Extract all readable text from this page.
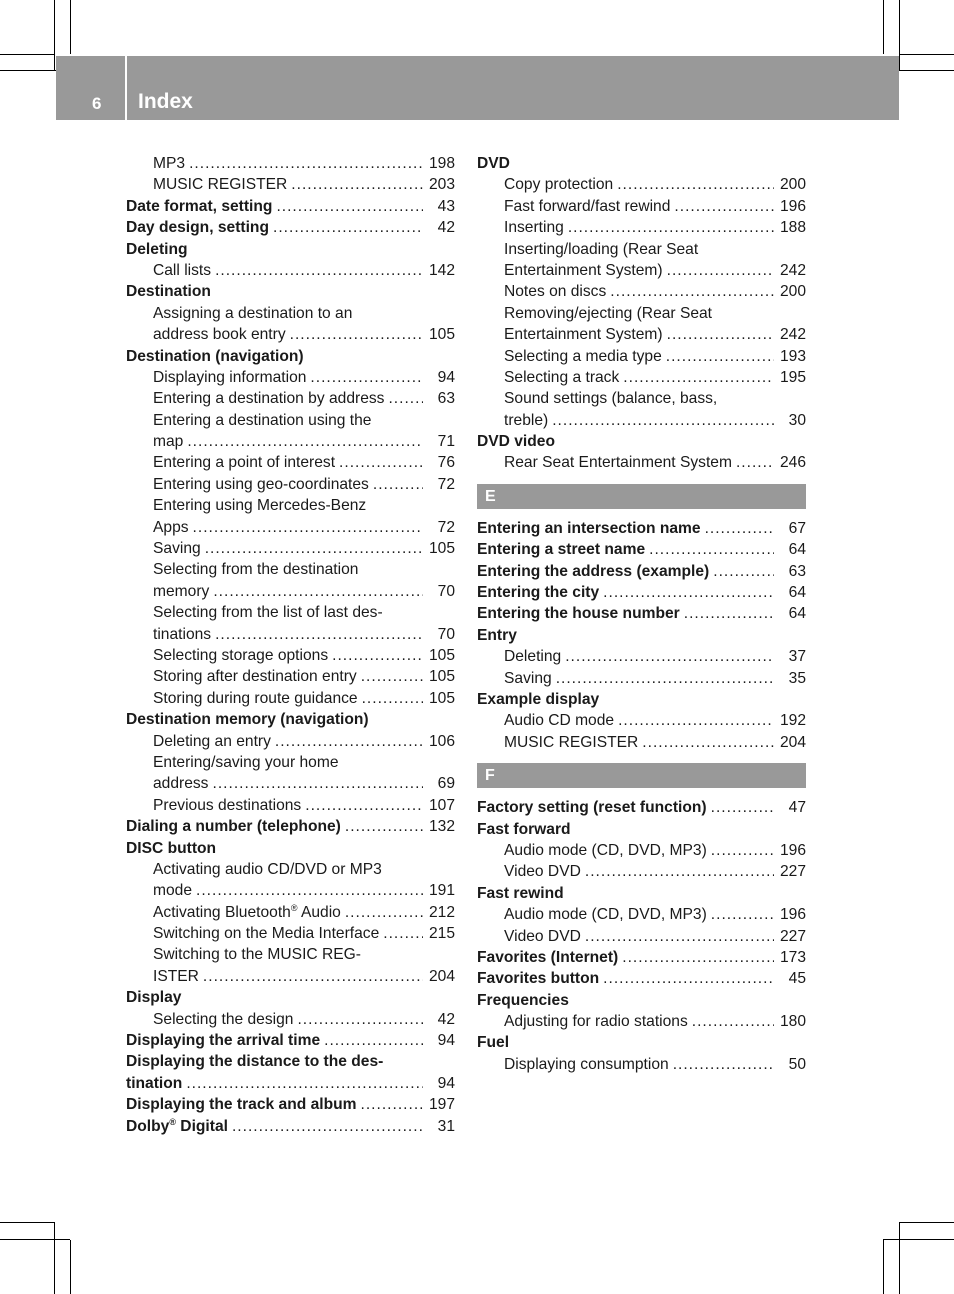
6 Index
MP3 .....	198
MUSIC REGISTER .....	203
Date format, setting .....	43
Day design, setting .....	42
Deleting
Call lists .....	142
Destination
Assigning a destination to an
address book entry .....	105
Destination (navigation)
Displaying information .....	94
Entering a destination by address .....	63
Entering a destination using the
map .....	71
Entering a point of interest .....	76
Entering using geo-coordinates .....	72
Entering using Mercedes-Benz
Apps .....	72
Saving .....	105
Selecting from the destination
memory .....	70
Selecting from the list of last des-
tinations .....	70
Selecting storage options .....	105
Storing after destination entry .....	105
Storing during route guidance .....	105
Destination memory (navigation)
Deleting an entry .....	106
Entering/saving your home
address .....	69
Previous destinations .....	107
Dialing a number (telephone) .....	132
DISC button
Activating audio CD/DVD or MP3
mode .....	191
Activating Bluetooth® Audio .....	212
Switching on the Media Interface .....	215
Switching to the MUSIC REG-
ISTER .....	204
Display
Selecting the design .....	42
Displaying the arrival time .....	94
Displaying the distance to the des-
tination .....	94
Displaying the track and album .....	197
Dolby® Digital .....	31
DVD
Copy protection .....	200
Fast forward/fast rewind .....	196
Inserting .....	188
Inserting/loading (Rear Seat
Entertainment System) .....	242
Notes on discs .....	200
Removing/ejecting (Rear Seat
Entertainment System) .....	242
Selecting a media type .....	193
Selecting a track .....	195
Sound settings (balance, bass,
treble) .....	30
DVD video
Rear Seat Entertainment System .....	246
E
Entering an intersection name .....	67
Entering a street name .....	64
Entering the address (example) .....	63
Entering the city .....	64
Entering the house number .....	64
Entry
Deleting .....	37
Saving .....	35
Example display
Audio CD mode .....	192
MUSIC REGISTER .....	204
F
Factory setting (reset function) .....	47
Fast forward
Audio mode (CD, DVD, MP3) .....	196
Video DVD .....	227
Fast rewind
Audio mode (CD, DVD, MP3) .....	196
Video DVD .....	227
Favorites (Internet) .....	173
Favorites button .....	45
Frequencies
Adjusting for radio stations .....	180
Fuel
Displaying consumption .....	50
